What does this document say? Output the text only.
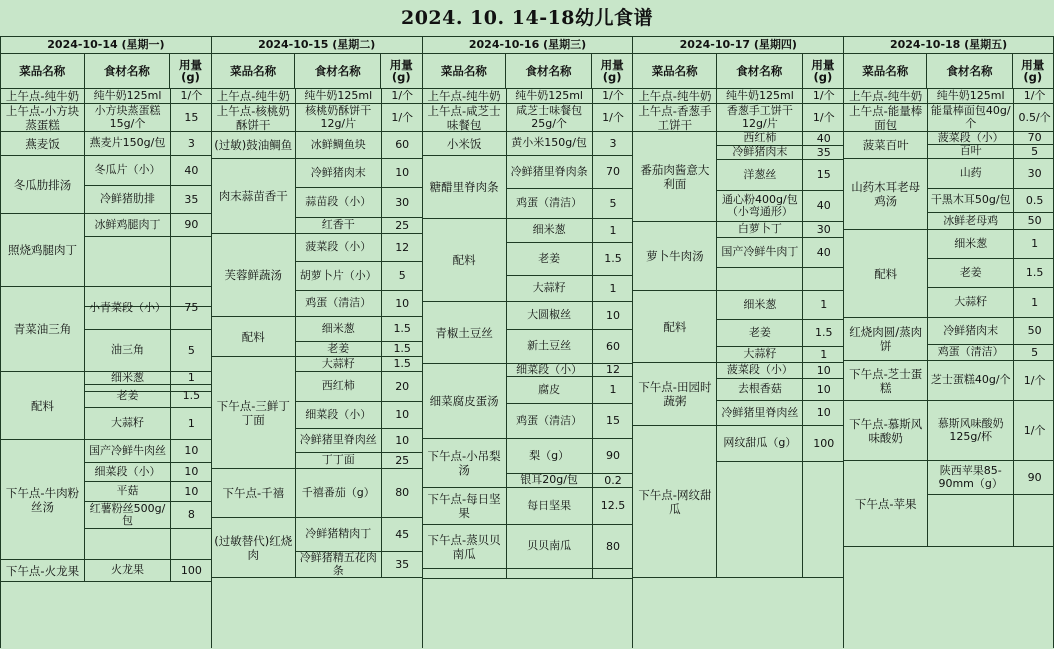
2024. 10. 14-18幼儿食谱
2024-10-14 (星期一)
菜品名称	食材名称	用量(g)
上午点-纯牛奶	纯牛奶125ml	1/个
上午点-小方块蒸蛋糕
小方块蒸蛋糕15g/个	15
燕麦饭	燕麦片150g/包	3
冬瓜肋排汤
冬瓜片（小）	40
冷鲜猪肋排	35
照烧鸡腿肉丁
冰鲜鸡腿肉丁	90
青菜油三角
小青菜段（小）	75
油三角	5
配料
细米葱	1
老姜	1.5
大蒜籽	1
下午点-牛肉粉丝汤
国产冷鲜牛肉丝	10
细菜段（小）	10
平菇	10
红薯粉丝500g/包	8
下午点-火龙果	火龙果	100
2024-10-15 (星期二)
菜品名称	食材名称	用量(g)
上午点-纯牛奶	纯牛奶125ml	1/个
上午点-核桃奶酥饼干
核桃奶酥饼干12g/片	1/个
(过敏)鼓油鲷鱼	冰鲜鲷鱼块	60
肉末蒜苗香干
冷鲜猪肉末	10
蒜苗段（小）	30
红香干	25
芙蓉鲜蔬汤
菠菜段（小）	12
胡萝卜片（小）	5
鸡蛋（清洁）	10
配料
细米葱	1.5
老姜	1.5
下午点-三鲜丁丁面
大蒜籽	1.5
西红柿	20
细菜段（小）	10
冷鲜猪里脊肉丝	10
丁丁面	25
下午点-千禧	千禧番茄（g）	80
(过敏替代)红烧肉
冷鲜猪精肉丁	45
冷鲜猪精五花肉条	35
2024-10-16 (星期三)
菜品名称	食材名称	用量(g)
上午点-纯牛奶	纯牛奶125ml	1/个
上午点-咸芝士味餐包
咸芝士味餐包25g/个	1/个
小米饭	黄小米150g/包	3
糖醋里脊肉条
冷鲜猪里脊肉条	70
鸡蛋（清洁）	5
配料
细米葱	1
老姜	1.5
大蒜籽	1
青椒土豆丝
大圆椒丝	10
新土豆丝	60
细菜腐皮蛋汤
细菜段（小）	12
腐皮	1
鸡蛋（清洁）	15
下午点-小吊梨汤
梨（g）	90
银耳20g/包	0.2
下午点-每日坚果
每日坚果	12.5
下午点-蒸贝贝南瓜
贝贝南瓜	80
2024-10-17 (星期四)
菜品名称	食材名称	用量(g)
上午点-纯牛奶	纯牛奶125ml	1/个
上午点-香葱手工饼干
香葱手工饼干12g/片	1/个
番茄肉酱意大利面
西红柿	40
冷鲜猪肉末	35
洋葱丝	15
通心粉400g/包（小弯通形）	40
萝卜牛肉汤
白萝卜丁	30
国产冷鲜牛肉丁	40
配料
细米葱	1
老姜	1.5
大蒜籽	1
下午点-田园时蔬粥
菠菜段（小）	10
去根香菇	10
冷鲜猪里脊肉丝	10
下午点-网纹甜瓜
网纹甜瓜（g）	100
2024-10-18 (星期五)
菜品名称	食材名称	用量(g)
上午点-纯牛奶	纯牛奶125ml	1/个
上午点-能量棒面包
能量棒面包40g/个	0.5/个
菠菜百叶
菠菜段（小）	70
百叶	5
山药木耳老母鸡汤
山药	30
干黑木耳50g/包	0.5
冰鲜老母鸡	50
配料
细米葱	1
老姜	1.5
大蒜籽	1
红烧肉圆/蒸肉饼
冷鲜猪肉末	50
鸡蛋（清洁）	5
下午点-芝士蛋糕
芝士蛋糕40g/个	1/个
下午点-慕斯风味酸奶
慕斯风味酸奶125g/杯	1/个
下午点-苹果
陕西苹果85-90mm（g）	90
